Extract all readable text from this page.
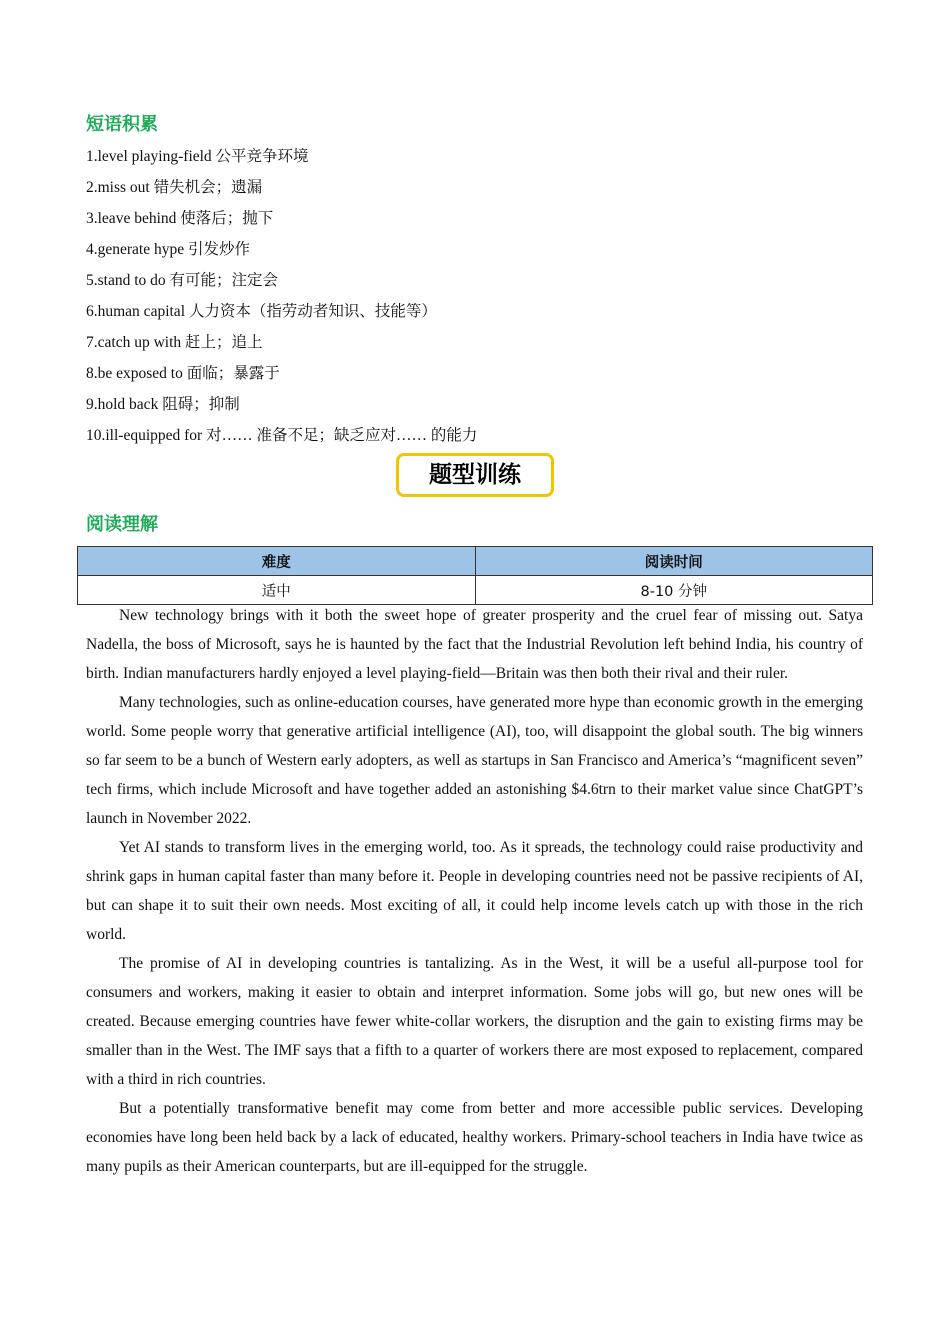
短语积累
1.level playing-field 公平竞争环境
2.miss out 错失机会；遗漏
3.leave behind 使落后；抛下
4.generate hype 引发炒作
5.stand to do 有可能；注定会
6.human capital 人力资本（指劳动者知识、技能等）
7.catch up with 赶上；追上
8.be exposed to 面临；暴露于
9.hold back 阻碍；抑制
10.ill-equipped for 对…… 准备不足；缺乏应对…… 的能力
题型训练
阅读理解
难度	阅读时间
适中	8-10 分钟

New technology brings with it both the sweet hope of greater prosperity and the cruel fear of missing out. Satya Nadella, the boss of Microsoft, says he is haunted by the fact that the Industrial Revolution left behind India, his country of birth. Indian manufacturers hardly enjoyed a level playing-field—Britain was then both their rival and their ruler.

Many technologies, such as online-education courses, have generated more hype than economic growth in the emerging world. Some people worry that generative artificial intelligence (AI), too, will disappoint the global south. The big winners so far seem to be a bunch of Western early adopters, as well as startups in San Francisco and America’s “magnificent seven” tech firms, which include Microsoft and have together added an astonishing $4.6trn to their market value since ChatGPT’s launch in November 2022.

Yet AI stands to transform lives in the emerging world, too. As it spreads, the technology could raise productivity and shrink gaps in human capital faster than many before it. People in developing countries need not be passive recipients of AI, but can shape it to suit their own needs. Most exciting of all, it could help income levels catch up with those in the rich world.

The promise of AI in developing countries is tantalizing. As in the West, it will be a useful all-purpose tool for consumers and workers, making it easier to obtain and interpret information. Some jobs will go, but new ones will be created. Because emerging countries have fewer white-collar workers, the disruption and the gain to existing firms may be smaller than in the West. The IMF says that a fifth to a quarter of workers there are most exposed to replacement, compared with a third in rich countries.

But a potentially transformative benefit may come from better and more accessible public services. Developing economies have long been held back by a lack of educated, healthy workers. Primary-school teachers in India have twice as many pupils as their American counterparts, but are ill-equipped for the struggle.
